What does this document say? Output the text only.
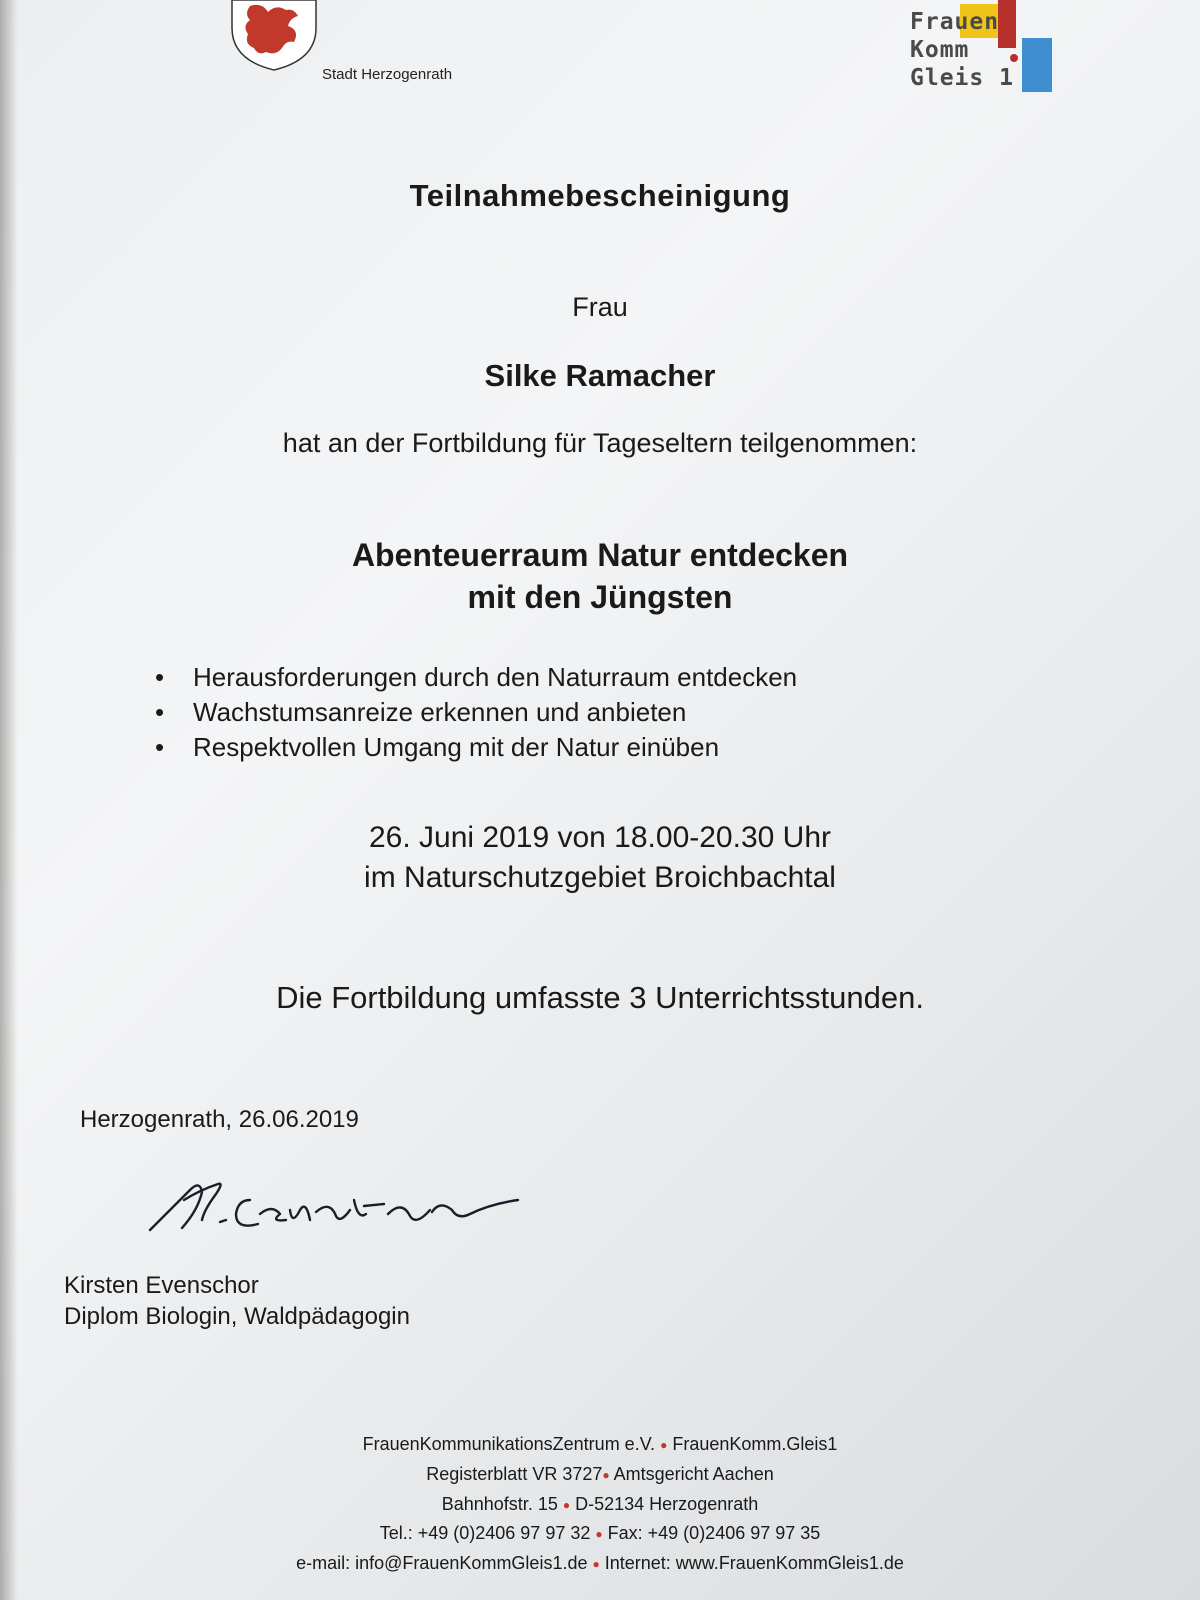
Stadt Herzogenrath
Frauen
Komm
Gleis 1
Teilnahmebescheinigung
Frau
Silke Ramacher
hat an der Fortbildung für Tageseltern teilgenommen:
Abenteuerraum Natur entdecken
mit den Jüngsten
• Herausforderungen durch den Naturraum entdecken
• Wachstumsanreize erkennen und anbieten
• Respektvollen Umgang mit der Natur einüben
26. Juni 2019 von 18.00-20.30 Uhr
im Naturschutzgebiet Broichbachtal
Die Fortbildung umfasste 3 Unterrichtsstunden.
Herzogenrath, 26.06.2019
Kirsten Evenschor
Diplom Biologin, Waldpädagogin
FrauenKommunikationsZentrum e.V. ● FrauenKomm.Gleis1
Registerblatt VR 3727● Amtsgericht Aachen
Bahnhofstr. 15 ● D-52134 Herzogenrath
Tel.: +49 (0)2406 97 97 32 ● Fax: +49 (0)2406 97 97 35
e-mail: info@FrauenKommGleis1.de ● Internet: www.FrauenKommGleis1.de
